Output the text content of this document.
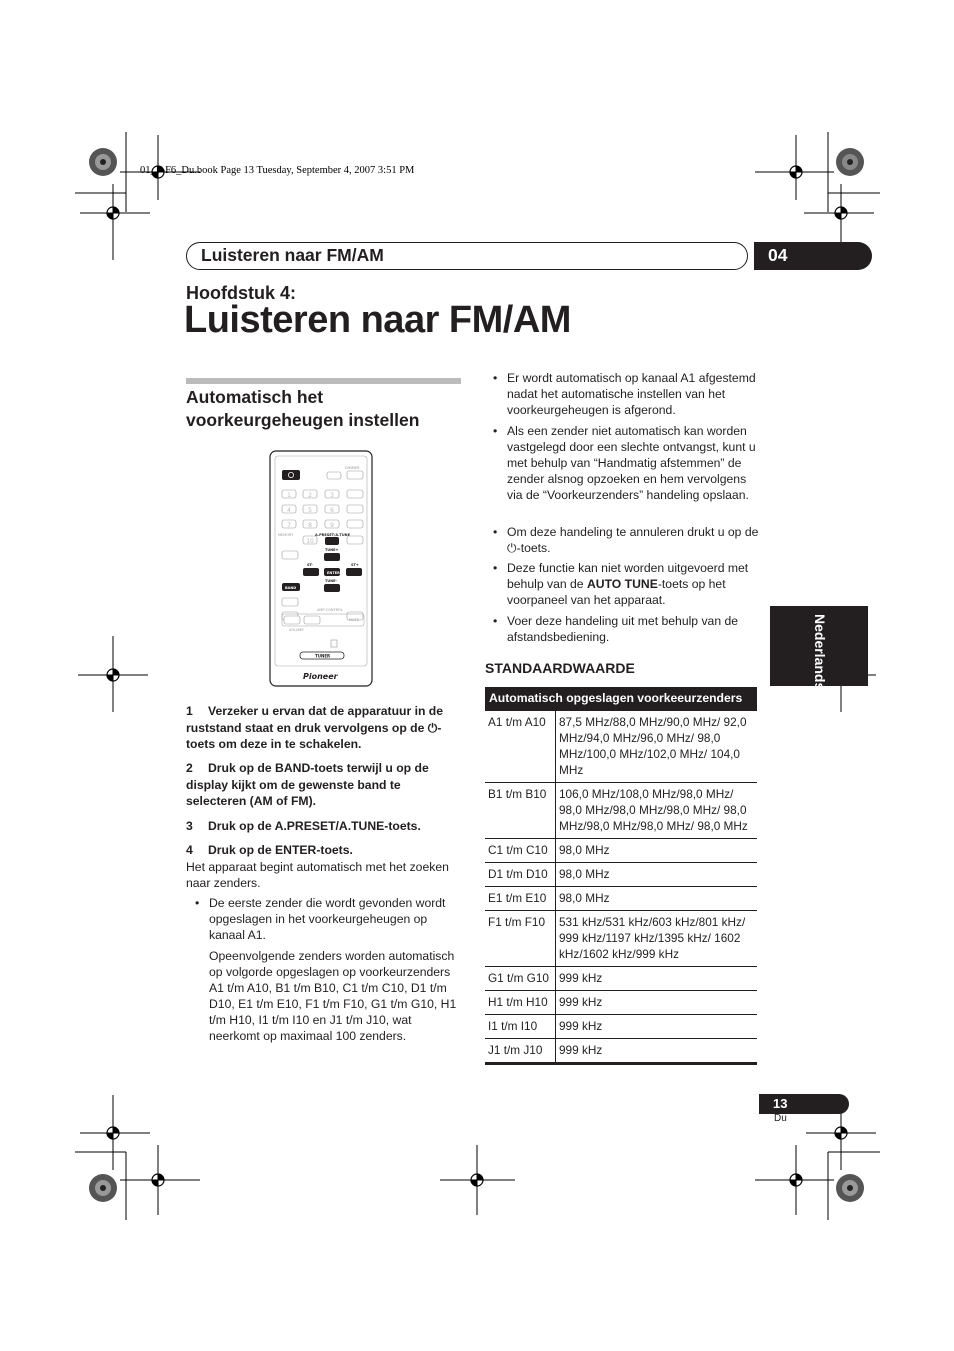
01_F-F6_Du.book Page 13 Tuesday, September 4, 2007 3:51 PM
Luisteren naar FM/AM	04
Hoofdstuk 4:
Luisteren naar FM/AM
Automatisch het voorkeurgeheugen instellen
DIMMER
1	2	3
4	5	6
7	8	9
10
MEMORY	A.PRESET/A.TUNE
TUNE+
ST-	ST+
ENTER
TUNE-
BAND
AMP CONTROL
MUTE
VOLUME
TUNER
Pioneer
1 Verzeker u ervan dat de apparatuur in de ruststand staat en druk vervolgens op de ⏻-toets om deze in te schakelen.
2 Druk op de BAND-toets terwijl u op de display kijkt om de gewenste band te selecteren (AM of FM).
3 Druk op de A.PRESET/A.TUNE-toets.
4 Druk op de ENTER-toets.
Het apparaat begint automatisch met het zoeken naar zenders.
• De eerste zender die wordt gevonden wordt opgeslagen in het voorkeurgeheugen op kanaal A1.
Opeenvolgende zenders worden automatisch op volgorde opgeslagen op voorkeurzenders A1 t/m A10, B1 t/m B10, C1 t/m C10, D1 t/m D10, E1 t/m E10, F1 t/m F10, G1 t/m G10, H1 t/m H10, I1 t/m I10 en J1 t/m J10, wat neerkomt op maximaal 100 zenders.
• Er wordt automatisch op kanaal A1 afgestemd nadat het automatische instellen van het voorkeurgeheugen is afgerond.
• Als een zender niet automatisch kan worden vastgelegd door een slechte ontvangst, kunt u met behulp van “Handmatig afstemmen” de zender alsnog opzoeken en hem vervolgens via de “Voorkeurzenders” handeling opslaan.
• Om deze handeling te annuleren drukt u op de ⏻-toets.
• Deze functie kan niet worden uitgevoerd met behulp van de AUTO TUNE-toets op het voorpaneel van het apparaat.
• Voer deze handeling uit met behulp van de afstandsbediening.
STANDAARDWAARDE
Automatisch opgeslagen voorkeeurzenders	
A1 t/m A10	87,5 MHz/88,0 MHz/90,0 MHz/ 92,0 MHz/94,0 MHz/96,0 MHz/ 98,0 MHz/100,0 MHz/102,0 MHz/ 104,0 MHz
B1 t/m B10	106,0 MHz/108,0 MHz/98,0 MHz/ 98,0 MHz/98,0 MHz/98,0 MHz/ 98,0 MHz/98,0 MHz/98,0 MHz/ 98,0 MHz
C1 t/m C10	98,0 MHz
D1 t/m D10	98,0 MHz
E1 t/m E10	98,0 MHz
F1 t/m F10	531 kHz/531 kHz/603 kHz/801 kHz/ 999 kHz/1197 kHz/1395 kHz/ 1602 kHz/1602 kHz/999 kHz
G1 t/m G10	999 kHz
H1 t/m H10	999 kHz
I1 t/m I10	999 kHz
J1 t/m J10	999 kHz
Nederlands
13
Du
